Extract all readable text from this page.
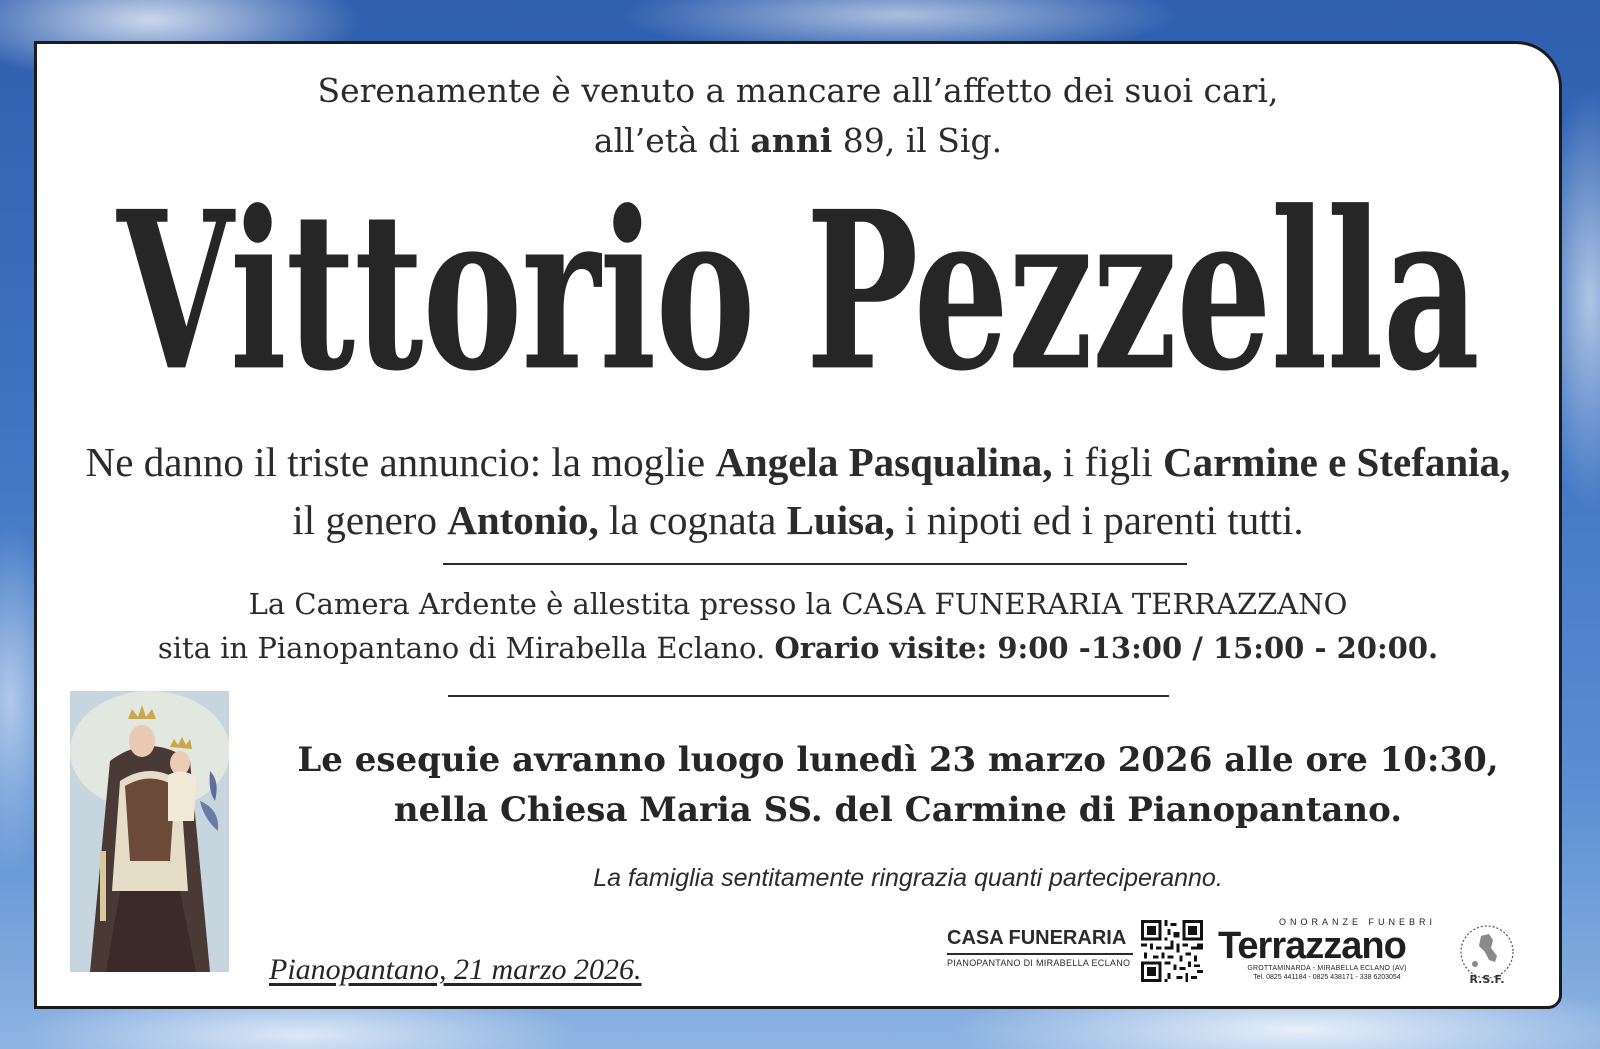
Serenamente è venuto a mancare all’affetto dei suoi cari,
all’età di anni 89, il Sig.
Vittorio Pezzella
Ne danno il triste annuncio: la moglie Angela Pasqualina, i figli Carmine e Stefania,
il genero Antonio, la cognata Luisa, i nipoti ed i parenti tutti.
La Camera Ardente è allestita presso la CASA FUNERARIA TERRAZZANO
sita in Pianopantano di Mirabella Eclano. Orario visite: 9:00 -13:00 / 15:00 - 20:00.
Le esequie avranno luogo lunedì 23 marzo 2026 alle ore 10:30,
nella Chiesa Maria SS. del Carmine di Pianopantano.
La famiglia sentitamente ringrazia quanti parteciperanno.
Pianopantano, 21 marzo 2026.
CASA FUNERARIA
PIANOPANTANO DI MIRABELLA ECLANO
ONORANZE FUNEBRI
Terrazzano
GROTTAMINARDA - MIRABELLA ECLANO (AV)
Tel. 0825 441184 - 0825 438171 - 338 6203054	R.S.F.
